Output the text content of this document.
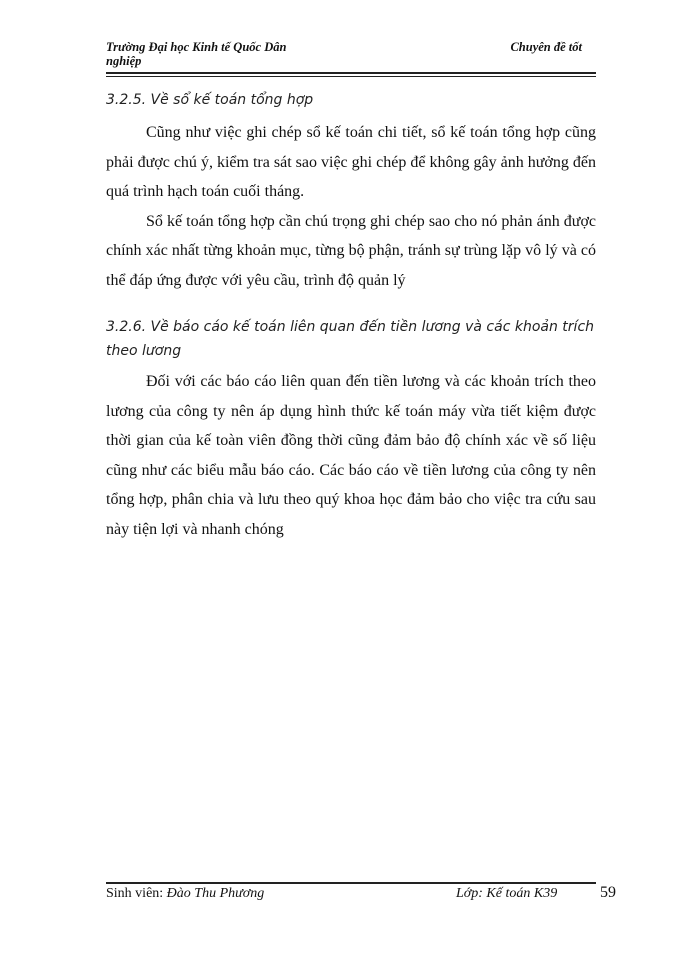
Trường Đại học Kinh tế Quốc Dân
nghiệp
Chuyên đề tốt

3.2.5. Về sổ kế toán tổng hợp

Cũng như việc ghi chép sổ kế toán chi tiết, sổ kế toán tổng hợp cũng phải được chú ý, kiểm tra sát sao việc ghi chép để không gây ảnh hưởng đến quá trình hạch toán cuối tháng.

Sổ kế toán tổng hợp cần chú trọng ghi chép sao cho nó phản ánh được chính xác nhất từng khoản mục, từng bộ phận, tránh sự trùng lặp vô lý và có thể đáp ứng được với yêu cầu, trình độ quản lý

3.2.6. Về báo cáo kế toán liên quan đến tiền lương và các khoản trích theo lương

Đối với các báo cáo liên quan đến tiền lương và các khoản trích theo lương của công ty nên áp dụng hình thức kế toán máy vừa tiết kiệm được thời gian của kế toàn viên đồng thời cũng đảm bảo độ chính xác về số liệu cũng như các biểu mẫu báo cáo. Các báo cáo về tiền lương của công ty nên tổng hợp, phân chia và lưu theo quý khoa học đảm bảo cho việc tra cứu sau này tiện lợi và nhanh chóng

Sinh viên: Đào Thu Phương	Lớp: Kế toán K39	59
